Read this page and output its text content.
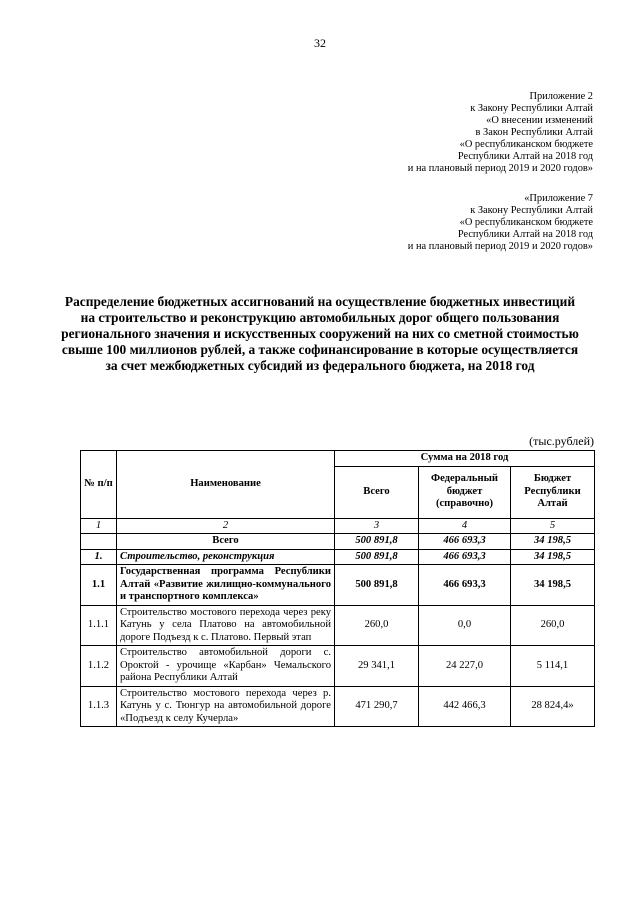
32
Приложение 2
к Закону Республики Алтай
«О внесении изменений
в Закон Республики Алтай
«О республиканском бюджете
Республики Алтай на 2018 год
и на плановый период 2019 и 2020 годов»
«Приложение 7
к Закону Республики Алтай
«О республиканском бюджете
Республики Алтай на 2018 год
и на плановый период 2019 и 2020 годов»
Распределение бюджетных ассигнований на осуществление бюджетных инвестиций на строительство и реконструкцию автомобильных дорог общего пользования регионального значения и искусственных сооружений на них со сметной стоимостью свыше 100 миллионов рублей, а также софинансирование в которые осуществляется за счет межбюджетных субсидий из федерального бюджета, на 2018 год
(тыс.рублей)
№ п/п	Наименование	Сумма на 2018 год		
		Всего	Федеральный бюджет (справочно)	Бюджет Республики Алтай
1	2	3	4	5
	Всего	500 891,8	466 693,3	34 198,5
1.	Строительство, реконструкция	500 891,8	466 693,3	34 198,5
1.1	Государственная программа Республики Алтай «Развитие жилищно-коммунального и транспортного комплекса»	500 891,8	466 693,3	34 198,5
1.1.1	Строительство мостового перехода через реку Катунь у села Платово на автомобильной дороге Подъезд к с. Платово. Первый этап	260,0	0,0	260,0
1.1.2	Строительство автомобильной дороги с. Ороктой - урочище «Карбан» Чемальского района Республики Алтай	29 341,1	24 227,0	5 114,1
1.1.3	Строительство мостового перехода через р. Катунь у с. Тюнгур на автомобильной дороге «Подъезд к селу Кучерла»	471 290,7	442 466,3	28 824,4»
